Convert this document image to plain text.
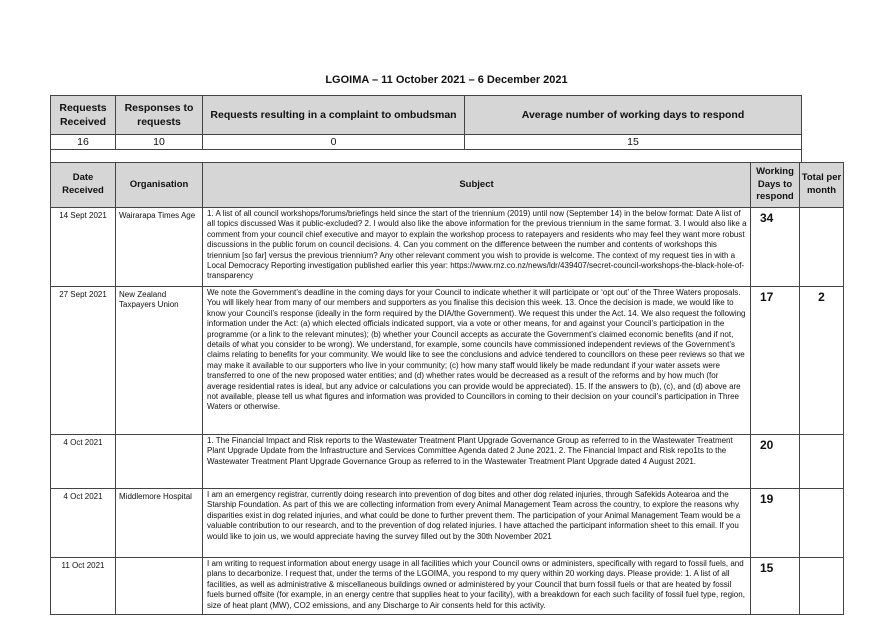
LGOIMA – 11 October 2021 – 6 December 2021
Requests Received	Responses to requests	Requests resulting in a complaint to ombudsman	Average number of working days to respond
16	10	0	15
Date Received	Organisation	Subject	Working Days to respond	Total per month
14 Sept 2021	Wairarapa Times Age	1. A list of all council workshops/forums/briefings held since the start of the triennium (2019) until now (September 14) in the below format: Date A list of all topics discussed Was it public-excluded? 2. I would also like the above information for the previous triennium in the same format. 3. I would also like a comment from your council chief executive and mayor to explain the workshop process to ratepayers and residents who may feel they want more robust discussions in the public forum on council decisions. 4. Can you comment on the difference between the number and contents of workshops this triennium [so far] versus the previous triennium? Any other relevant comment you wish to provide is welcome. The context of my request ties in with a Local Democracy Reporting investigation published earlier this year: https://www.rnz.co.nz/news/ldr/439407/secret-council-workshops-the-black-hole-of-transparency	34	
27 Sept 2021	New Zealand Taxpayers Union	We note the Government’s deadline in the coming days for your Council to indicate whether it will participate or ‘opt out’ of the Three Waters proposals. You will likely hear from many of our members and supporters as you finalise this decision this week. 13. Once the decision is made, we would like to know your Council’s response (ideally in the form required by the DIA/the Government). We request this under the Act. 14. We also request the following information under the Act: (a) which elected officials indicated support, via a vote or other means, for and against your Council’s participation in the programme (or a link to the relevant minutes); (b) whether your Council accepts as accurate the Government’s claimed economic benefits (and if not, details of what you consider to be wrong). We understand, for example, some councils have commissioned independent reviews of the Government’s claims relating to benefits for your community. We would like to see the conclusions and advice tendered to councillors on these peer reviews so that we may make it available to our supporters who live in your community; (c) how many staff would likely be made redundant if your water assets were transferred to one of the new proposed water entities; and (d) whether rates would be decreased as a result of the reforms and by how much (for average residential rates is ideal, but any advice or calculations you can provide would be appreciated). 15. If the answers to (b), (c), and (d) above are not available, please tell us what figures and information was provided to Councillors in coming to their decision on your council’s participation in Three Waters or otherwise.	17	2
4 Oct 2021		1. The Financial Impact and Risk reports to the Wastewater Treatment Plant Upgrade Governance Group as referred to in the Wastewater Treatment Plant Upgrade Update from the Infrastructure and Services Committee Agenda dated 2 June 2021. 2. The Financial Impact and Risk repo1ts to the Wastewater Treatment Plant Upgrade Governance Group as referred to in the Wastewater Treatment Plant Upgrade dated 4 August 2021.	20	
4 Oct 2021	Middlemore Hospital	I am an emergency registrar, currently doing research into prevention of dog bites and other dog related injuries, through Safekids Aotearoa and the Starship Foundation. As part of this we are collecting information from every Animal Management Team across the country, to explore the reasons why disparities exist in dog related injuries, and what could be done to further prevent them. The participation of your Animal Management Team would be a valuable contribution to our research, and to the prevention of dog related injuries. I have attached the participant information sheet to this email. If you would like to join us, we would appreciate having the survey filled out by the 30th November 2021	19	
11 Oct 2021		I am writing to request information about energy usage in all facilities which your Council owns or administers, specifically with regard to fossil fuels, and plans to decarbonize. I request that, under the terms of the LGOIMA, you respond to my query within 20 working days. Please provide: 1. A list of all facilities, as well as administrative & miscellaneous buildings owned or administered by your Council that burn fossil fuels or that are heated by fossil fuels burned offsite (for example, in an energy centre that supplies heat to your facility), with a breakdown for each such facility of fossil fuel type, region, size of heat plant (MW), CO2 emissions, and any Discharge to Air consents held for this activity.	15	
